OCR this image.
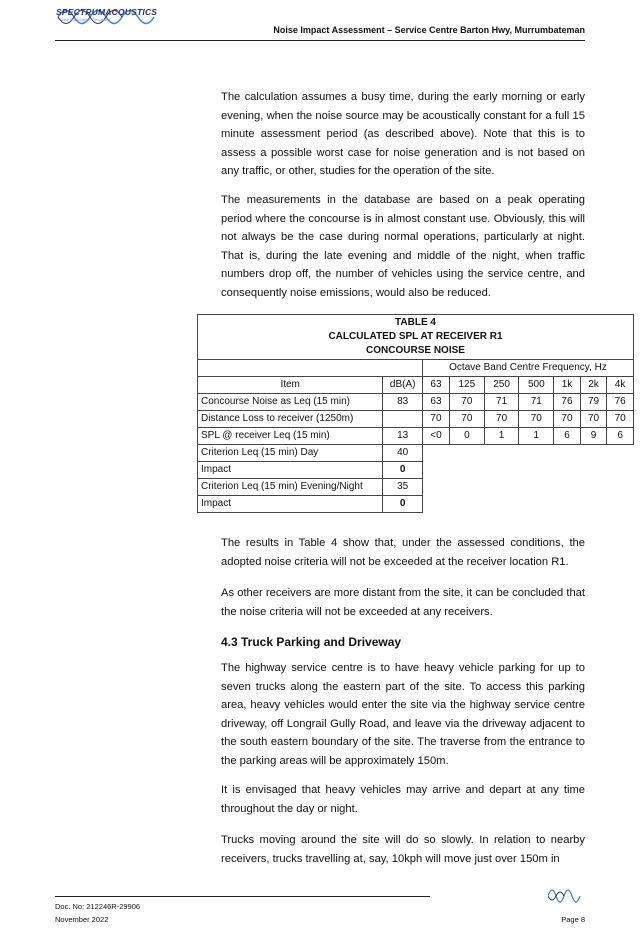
SPECTRUMACOUSTICS
Noise and Vibration Consultants
Noise Impact Assessment – Service Centre Barton Hwy, Murrumbateman

The calculation assumes a busy time, during the early morning or early evening, when the noise source may be acoustically constant for a full 15 minute assessment period (as described above). Note that this is to assess a possible worst case for noise generation and is not based on any traffic, or other, studies for the operation of the site.

The measurements in the database are based on a peak operating period where the concourse is in almost constant use. Obviously, this will not always be the case during normal operations, particularly at night. That is, during the late evening and middle of the night, when traffic numbers drop off, the number of vehicles using the service centre, and consequently noise emissions, would also be reduced.

TABLE 4
CALCULATED SPL AT RECEIVER R1
CONCOURSE NOISE								

		Octave Band Centre Frequency, Hz						
Item	dB(A)	63	125	250	500	1k	2k	4k
Concourse Noise as Leq (15 min)	83	63	70	71	71	76	79	76
Distance Loss to receiver (1250m)		70	70	70	70	70	70	70
SPL @ receiver Leq (15 min)	13	<0	0	1	1	6	9	6
Criterion Leq (15 min) Day	40							
Impact	0							
Criterion Leq (15 min) Evening/Night	35							
Impact	0							

The results in Table 4 show that, under the assessed conditions, the adopted noise criteria will not be exceeded at the receiver location R1.

As other receivers are more distant from the site, it can be concluded that the noise criteria will not be exceeded at any receivers.

4.3 Truck Parking and Driveway

The highway service centre is to have heavy vehicle parking for up to seven trucks along the eastern part of the site. To access this parking area, heavy vehicles would enter the site via the highway service centre driveway, off Longrail Gully Road, and leave via the driveway adjacent to the south eastern boundary of the site. The traverse from the entrance to the parking areas will be approximately 150m.

It is envisaged that heavy vehicles may arrive and depart at any time throughout the day or night.

Trucks moving around the site will do so slowly. In relation to nearby receivers, trucks travelling at, say, 10kph will move just over 150m in

Doc. No: 212246R-29906
November 2022	Page 8
